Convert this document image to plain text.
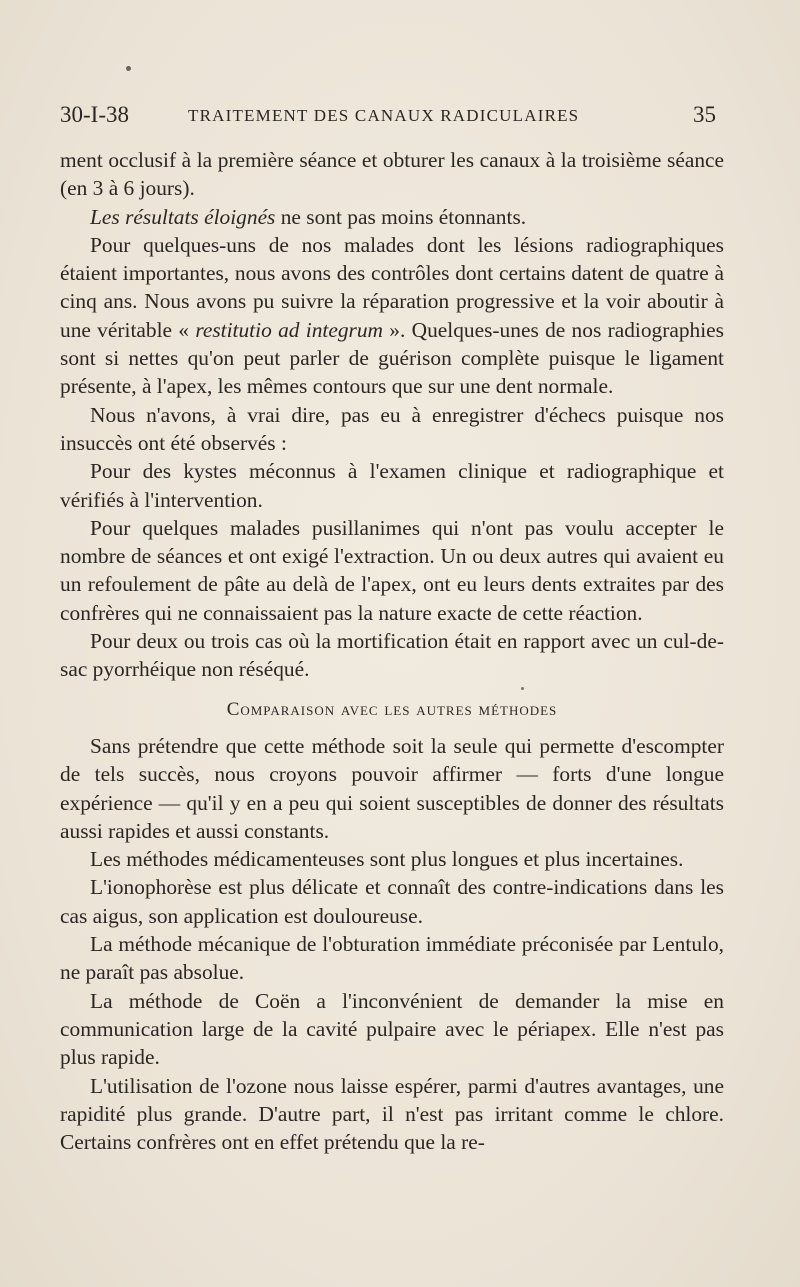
30-I-38	TRAITEMENT DES CANAUX RADICULAIRES	35

ment occlusif à la première séance et obturer les canaux à la troisième séance (en 3 à 6 jours).

Les résultats éloignés ne sont pas moins étonnants.

Pour quelques-uns de nos malades dont les lésions radiographiques étaient importantes, nous avons des contrôles dont certains datent de quatre à cinq ans. Nous avons pu suivre la réparation progressive et la voir aboutir à une véritable « restitutio ad integrum ». Quelques-unes de nos radiographies sont si nettes qu'on peut parler de guérison complète puisque le ligament présente, à l'apex, les mêmes contours que sur une dent normale.

Nous n'avons, à vrai dire, pas eu à enregistrer d'échecs puisque nos insuccès ont été observés :

Pour des kystes méconnus à l'examen clinique et radiographique et vérifiés à l'intervention.

Pour quelques malades pusillanimes qui n'ont pas voulu accepter le nombre de séances et ont exigé l'extraction. Un ou deux autres qui avaient eu un refoulement de pâte au delà de l'apex, ont eu leurs dents extraites par des confrères qui ne connaissaient pas la nature exacte de cette réaction.

Pour deux ou trois cas où la mortification était en rapport avec un cul-de-sac pyorrhéique non réséqué.

Comparaison avec les autres méthodes

Sans prétendre que cette méthode soit la seule qui permette d'escompter de tels succès, nous croyons pouvoir affirmer — forts d'une longue expérience — qu'il y en a peu qui soient susceptibles de donner des résultats aussi rapides et aussi constants.

Les méthodes médicamenteuses sont plus longues et plus incertaines.

L'ionophorèse est plus délicate et connaît des contre-indications dans les cas aigus, son application est douloureuse.

La méthode mécanique de l'obturation immédiate préconisée par Lentulo, ne paraît pas absolue.

La méthode de Coën a l'inconvénient de demander la mise en communication large de la cavité pulpaire avec le périapex. Elle n'est pas plus rapide.

L'utilisation de l'ozone nous laisse espérer, parmi d'autres avantages, une rapidité plus grande. D'autre part, il n'est pas irritant comme le chlore. Certains confrères ont en effet prétendu que la re-
